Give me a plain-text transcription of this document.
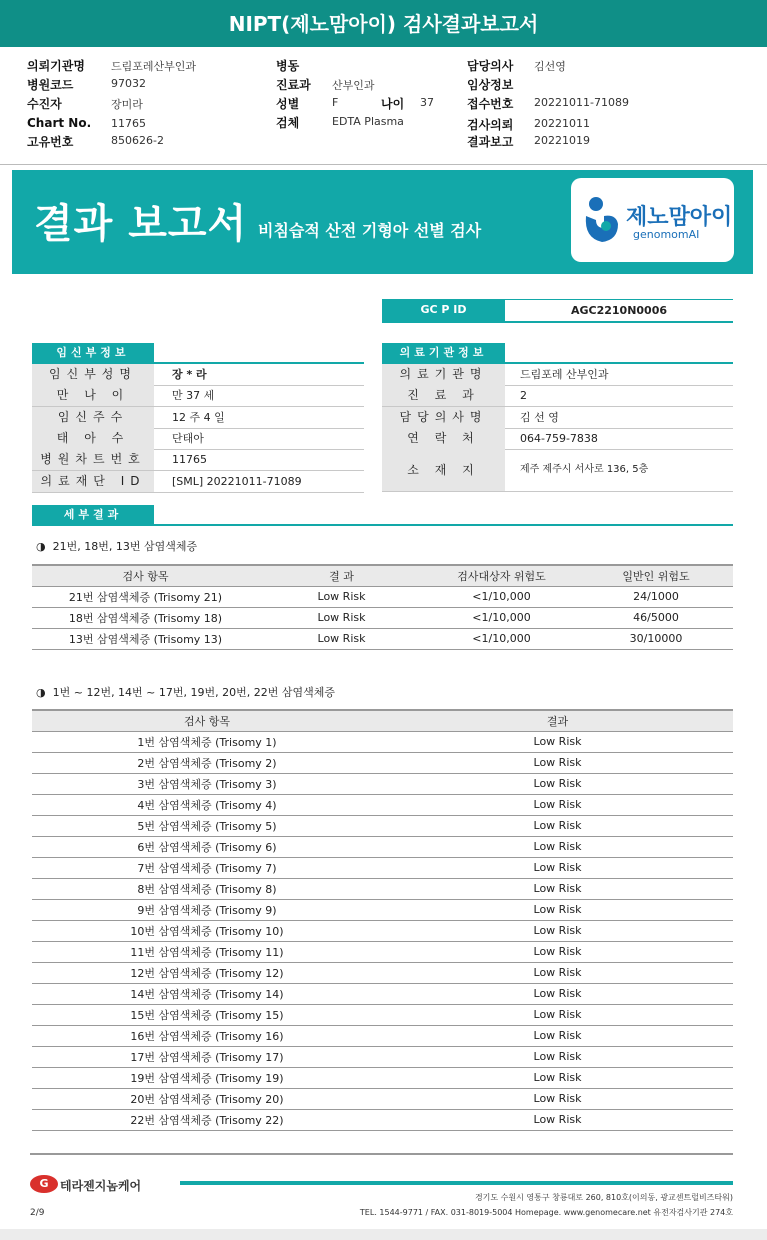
NIPT(제노맘아이) 검사결과보고서
의뢰기관명 드림포레산부인과
병원코드	97032
수진자	장미라
Chart No. 11765
고유번호	850626-2
병동
진료과 산부인과
성별	F
검체	EDTA Plasma
나이 37
담당의사 김선영
임상정보
접수번호 20221011-71089
검사의뢰 20221011
결과보고 20221019
결과 보고서 비침습적 산전 기형아 선별 검사
제노맘아이
genomomAI
GC P ID	AGC2210N0006
임신부정보	의료기관정보
임신부성명	장 * 라
만 나 이	만 37 세
임신주수	12 주 4 일
태 아 수	단태아
병원차트번호	11765
의료재단 ID	[SML] 20221011-71089
의료기관명	드림포레 산부인과
진 료 과	2
담당의사명	김 선 영
연 락 처	064-759-7838
소 재 지	제주 제주시 서사로 136, 5층
세부결과
◑ 21번, 18번, 13번 삼염색체증
검사 항목	결 과	검사대상자 위험도	일반인 위험도
21번 삼염색체증 (Trisomy 21)	Low Risk	<1/10,000	24/1000
18번 삼염색체증 (Trisomy 18)	Low Risk	<1/10,000	46/5000
13번 삼염색체증 (Trisomy 13)	Low Risk	<1/10,000	30/10000
◑ 1번 ~ 12번, 14번 ~ 17번, 19번, 20번, 22번 삼염색체증
검사 항목	결과
1번 삼염색체증 (Trisomy 1)	Low Risk
2번 삼염색체증 (Trisomy 2)	Low Risk
3번 삼염색체증 (Trisomy 3)	Low Risk
4번 삼염색체증 (Trisomy 4)	Low Risk
5번 삼염색체증 (Trisomy 5)	Low Risk
6번 삼염색체증 (Trisomy 6)	Low Risk
7번 삼염색체증 (Trisomy 7)	Low Risk
8번 삼염색체증 (Trisomy 8)	Low Risk
9번 삼염색체증 (Trisomy 9)	Low Risk
10번 삼염색체증 (Trisomy 10)	Low Risk
11번 삼염색체증 (Trisomy 11)	Low Risk
12번 삼염색체증 (Trisomy 12)	Low Risk
14번 삼염색체증 (Trisomy 14)	Low Risk
15번 삼염색체증 (Trisomy 15)	Low Risk
16번 삼염색체증 (Trisomy 16)	Low Risk
17번 삼염색체증 (Trisomy 17)	Low Risk
19번 삼염색체증 (Trisomy 19)	Low Risk
20번 삼염색체증 (Trisomy 20)	Low Risk
22번 삼염색체증 (Trisomy 22)	Low Risk
G 테라젠지놈케어
경기도 수원시 영통구 창룡대로 260, 810호(이의동, 광교센트럴비즈타워)
TEL. 1544-9771 / FAX. 031-8019-5004 Homepage. www.genomecare.net 유전자검사기관 274호
2/9
